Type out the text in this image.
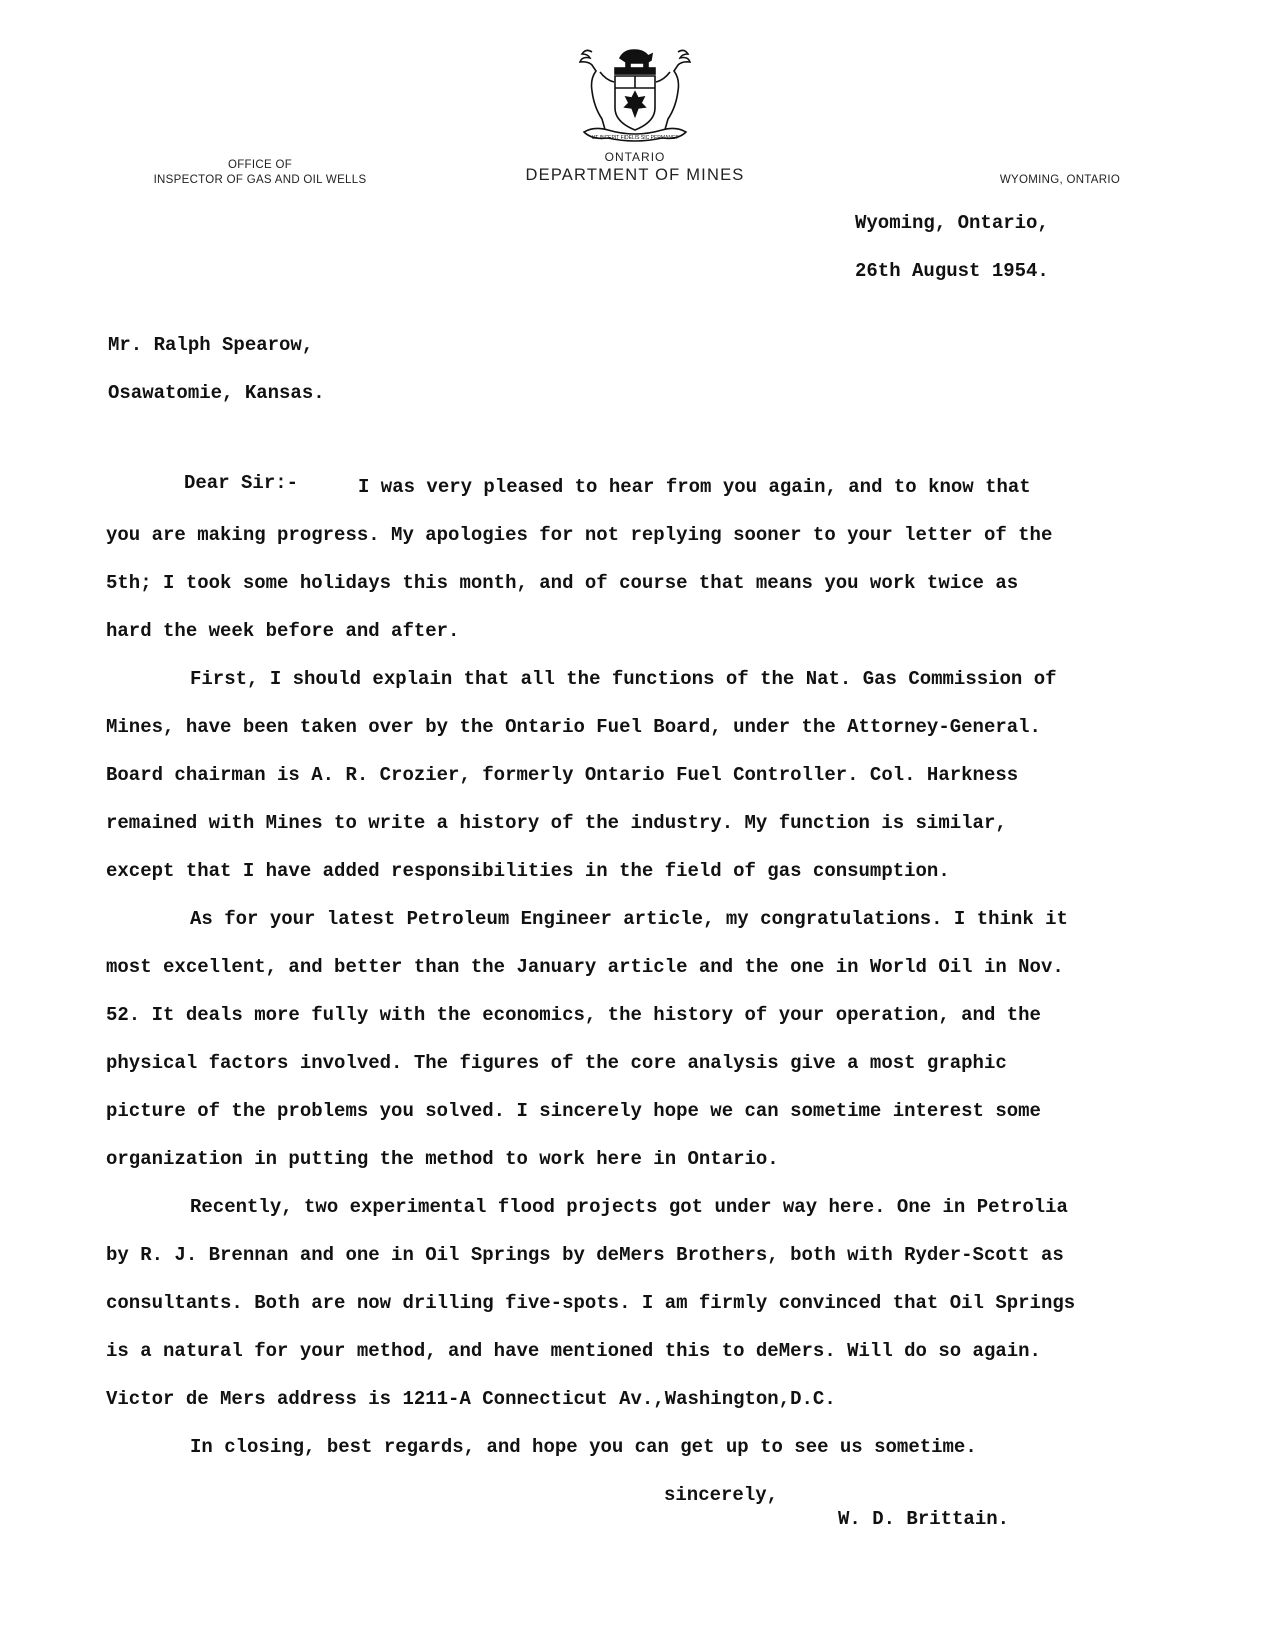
OFFICE OF
INSPECTOR OF GAS AND OIL WELLS
UT INCEPIT FIDELIS SIC PERMANET
ONTARIO
DEPARTMENT OF MINES	WYOMING, ONTARIO
Wyoming, Ontario,
26th August 1954.
Mr. Ralph Spearow,
Osawatomie, Kansas.
Dear Sir:-	I was very pleased to hear from you again, and to know that
you are making progress. My apologies for not replying sooner to your letter of the
5th; I took some holidays this month, and of course that means you work twice as
hard the week before and after.
First, I should explain that all the functions of the Nat. Gas Commission of
Mines, have been taken over by the Ontario Fuel Board, under the Attorney-General.
Board chairman is A. R. Crozier, formerly Ontario Fuel Controller. Col. Harkness
remained with Mines to write a history of the industry. My function is similar,
except that I have added responsibilities in the field of gas consumption.
As for your latest Petroleum Engineer article, my congratulations. I think it
most excellent, and better than the January article and the one in World Oil in Nov.
52. It deals more fully with the economics, the history of your operation, and the
physical factors involved. The figures of the core analysis give a most graphic
picture of the problems you solved. I sincerely hope we can sometime interest some
organization in putting the method to work here in Ontario.
Recently, two experimental flood projects got under way here. One in Petrolia
by R. J. Brennan and one in Oil Springs by deMers Brothers, both with Ryder-Scott as
consultants. Both are now drilling five-spots. I am firmly convinced that Oil Springs
is a natural for your method, and have mentioned this to deMers. Will do so again.
Victor de Mers address is 1211-A Connecticut Av.,Washington,D.C.
In closing, best regards, and hope you can get up to see us sometime.
sincerely,
W. D. Brittain.
